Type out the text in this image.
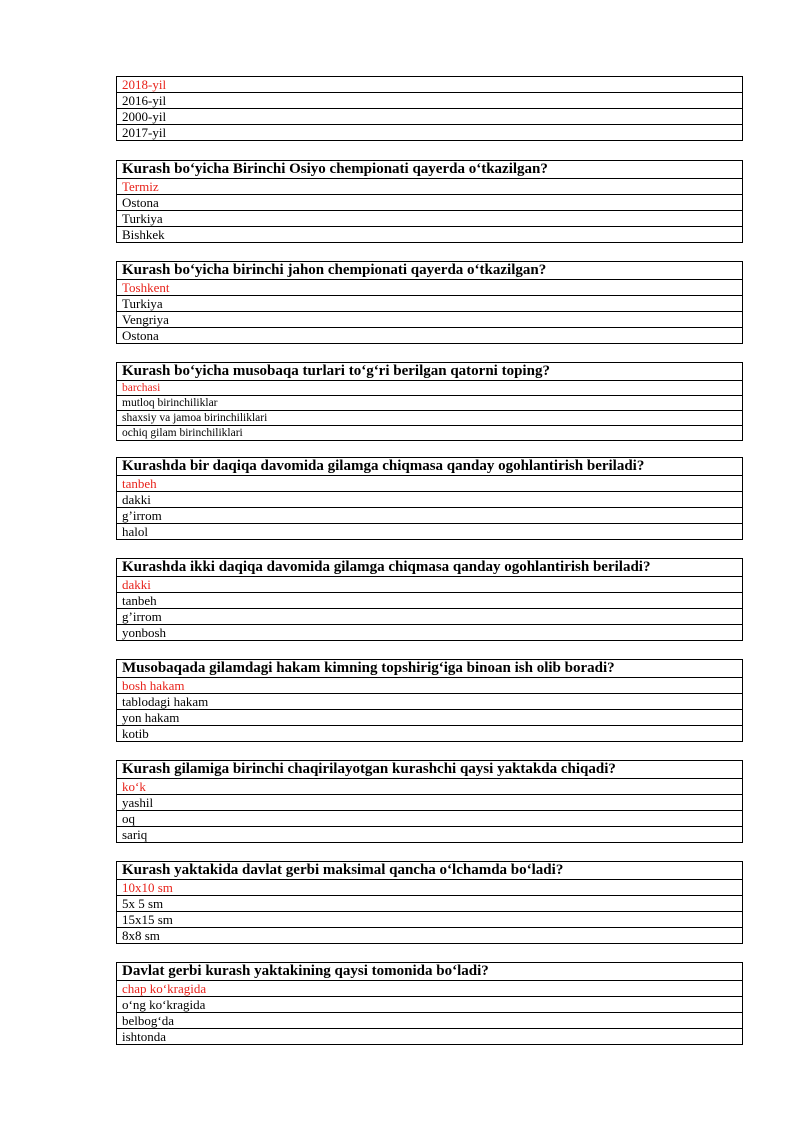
2018-yil
2016-yil
2000-yil
2017-yil
Kurash bo‘yicha Birinchi Osiyo chempionati qayerda o‘tkazilgan?
Termiz
Ostona
Turkiya
Bishkek
Kurash bo‘yicha birinchi jahon chempionati qayerda o‘tkazilgan?
Toshkent
Turkiya
Vengriya
Ostona
Kurash bo‘yicha musobaqa turlari to‘g‘ri berilgan qatorni toping?
barchasi
mutloq birinchiliklar
shaxsiy va jamoa birinchiliklari
ochiq gilam birinchiliklari
Kurashda bir daqiqa davomida gilamga chiqmasa qanday ogohlantirish beriladi?
tanbeh
dakki
g’irrom
halol
Kurashda ikki daqiqa davomida gilamga chiqmasa qanday ogohlantirish beriladi?
dakki
tanbeh
g’irrom
yonbosh
Musobaqada gilamdagi hakam kimning topshirig‘iga binoan ish olib boradi?
bosh hakam
tablodagi hakam
yon hakam
kotib
Kurash gilamiga birinchi chaqirilayotgan kurashchi qaysi yaktakda chiqadi?
ko‘k
yashil
oq
sariq
Kurash yaktakida davlat gerbi maksimal qancha o‘lchamda bo‘ladi?
10x10 sm
5x 5 sm
15x15 sm
8x8 sm
Davlat gerbi kurash yaktakining qaysi tomonida bo‘ladi?
chap ko‘kragida
o‘ng ko‘kragida
belbog‘da
ishtonda
